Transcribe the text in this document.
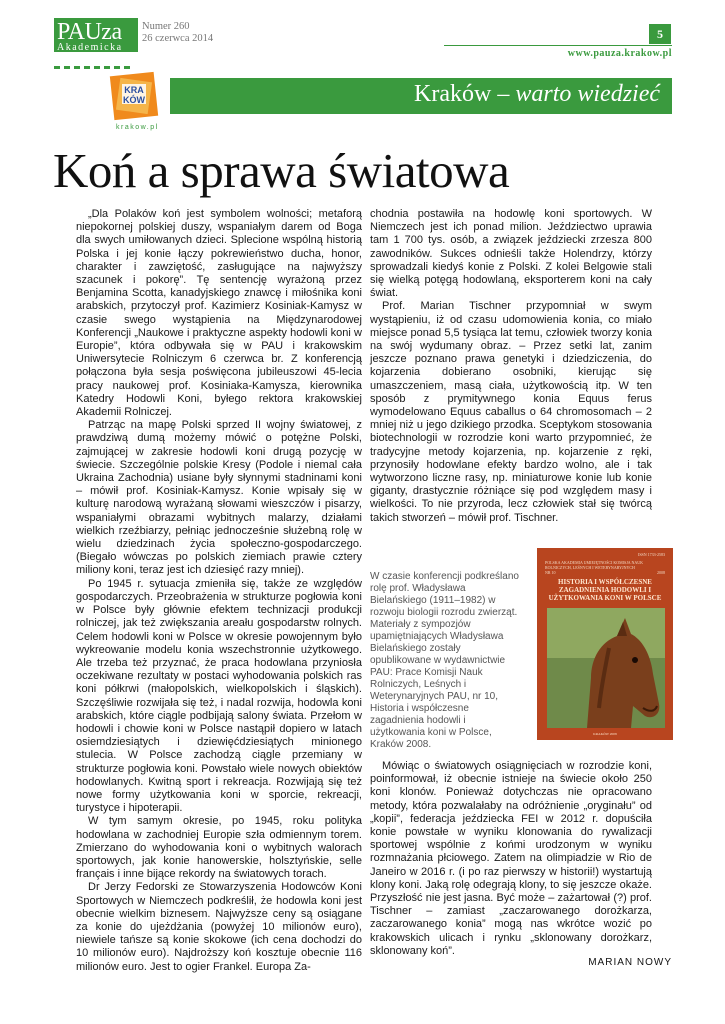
PAUza
Akademicka
Numer 260
26 czerwca 2014	5
www.pauza.krakow.pl
KRA
KÓW
krakow.pl
Kraków – warto wiedzieć
Koń a sprawa światowa

„Dla Polaków koń jest symbolem wolności; metaforą niepokornej polskiej duszy, wspaniałym darem od Boga dla swych umiłowanych dzieci. Splecione wspólną historią Polska i jej konie łączy pokrewieństwo ducha, honor, charakter i zawziętość, zasługujące na najwyższy szacunek i pokorę”. Tę sentencję wyrażoną przez Benjamina Scotta, kanadyjskiego znawcę i miłośnika koni arabskich, przytoczył prof. Kazimierz Kosiniak-Kamysz w czasie swego wystąpienia na Międzynarodowej Konferencji „Naukowe i praktyczne aspekty hodowli koni w Europie”, która odbywała się w PAU i krakowskim Uniwersytecie Rolniczym 6 czerwca br. Z konferencją połączona była sesja poświęcona jubileuszowi 45-lecia pracy naukowej prof. Kosiniaka-Kamysza, kierownika Katedry Hodowli Koni, byłego rektora krakowskiej Akademii Rolniczej.

Patrząc na mapę Polski sprzed II wojny światowej, z prawdziwą dumą możemy mówić o potężne Polski, zajmującej w zakresie hodowli koni drugą pozycję w świecie. Szczególnie polskie Kresy (Podole i niemal cała Ukraina Zachodnia) usiane były słynnymi stadninami koni – mówił prof. Kosiniak-Kamysz. Konie wpisały się w kulturę narodową wyrażaną słowami wieszczów i pisarzy, wspaniałymi obrazami wybitnych malarzy, działami wielkich rzeźbiarzy, pełniąc jednocześnie służebną rolę w wielu dziedzinach życia społeczno-gospodarczego. (Biegało wówczas po polskich ziemiach prawie cztery miliony koni, teraz jest ich dziesięć razy mniej).

Po 1945 r. sytuacja zmieniła się, także ze względów gospodarczych. Przeobrażenia w strukturze pogłowia koni w Polsce były głównie efektem technizacji produkcji rolniczej, jak też zwiększania areału gospodarstw rolnych. Celem hodowli koni w Polsce w okresie powojennym było wykreowanie modelu konia wszechstronnie użytkowego. Ale trzeba też przyznać, że praca hodowlana przyniosła oczekiwane rezultaty w postaci wyhodowania polskich ras koni półkrwi (małopolskich, wielkopolskich i śląskich). Szczęśliwie rozwijała się też, i nadal rozwija, hodowla koni arabskich, które ciągle podbijają salony świata. Przełom w hodowli i chowie koni w Polsce nastąpił dopiero w latach osiemdziesiątych i dziewięćdziesiątych minionego stulecia. W Polsce zachodzą ciągle przemiany w strukturze pogłowia koni. Powstało wiele nowych obiektów hodowlanych. Kwitną sport i rekreacja. Rozwijają się też nowe formy użytkowania koni w sporcie, rekreacji, turystyce i hipoterapii.

W tym samym okresie, po 1945, roku polityka hodowlana w zachodniej Europie szła odmiennym torem. Zmierzano do wyhodowania koni o wybitnych walorach sportowych, jak konie hanowerskie, holsztyńskie, selle français i inne bijące rekordy na światowych torach.

Dr Jerzy Fedorski ze Stowarzyszenia Hodowców Koni Sportowych w Niemczech podkreślił, że hodowla koni jest obecnie wielkim biznesem. Najwyższe ceny są osiągane za konie do ujeżdżania (powyżej 10 milionów euro), niewiele tańsze są konie skokowe (ich cena dochodzi do 10 milionów euro). Najdroższy koń kosztuje obecnie 116 milionów euro. Jest to ogier Frankel. Europa Za-

chodnia postawiła na hodowlę koni sportowych. W Niemczech jest ich ponad milion. Jeździectwo uprawia tam 1 700 tys. osób, a związek jeździecki zrzesza 800 zawodników. Sukces odnieśli także Holendrzy, którzy sprowadzali kiedyś konie z Polski. Z kolei Belgowie stali się wielką potęgą hodowlaną, eksporterem koni na cały świat.

Prof. Marian Tischner przypomniał w swym wystąpieniu, iż od czasu udomowienia konia, co miało miejsce ponad 5,5 tysiąca lat temu, człowiek tworzy konia na swój wydumany obraz. – Przez setki lat, zanim jeszcze poznano prawa genetyki i dziedziczenia, do kojarzenia dobierano osobniki, kierując się umaszczeniem, masą ciała, użytkowością itp. W ten sposób z prymitywnego konia Equus ferus wymodelowano Equus caballus o 64 chromosomach – 2 mniej niż u jego dzikiego przodka. Sceptykom stosowania biotechnologii w rozrodzie koni warto przypomnieć, że tradycyjne metody kojarzenia, np. kojarzenie z ręki, przynosiły hodowlane efekty bardzo wolno, ale i tak wytworzono liczne rasy, np. miniaturowe konie lub konie giganty, drastycznie różniące się pod względem masy i wielkości. To nie przyroda, lecz człowiek stał się twórcą takich stworzeń – mówił prof. Tischner.

W czasie konferencji podkreślano rolę prof. Władysława Bielańskiego (1911–1982) w rozwoju biologii rozrodu zwierząt. Materiały z sympozjów upamiętniających Władysława Bielańskiego zostały opublikowane w wydawnictwie PAU: Prace Komisji Nauk Rolniczych, Leśnych i Weterynaryjnych PAU, nr 10, Historia i współczesne zagadnienia hodowli i użytkowania koni w Polsce, Kraków 2008.
ISSN 1733-2583
POLSKA AKADEMIA UMIEJĘTNOŚCI KOMISJA NAUK ROLNICZYCH, LEŚNYCH I WETERYNARYJNYCH
NR 10	2008
HISTORIA I WSPÓŁCZESNE ZAGADNIENIA HODOWLI I UŻYTKOWANIA KONI W POLSCE
KRAKÓW 2008

Mówiąc o światowych osiągnięciach w rozrodzie koni, poinformował, iż obecnie istnieje na świecie około 250 koni klonów. Ponieważ dotychczas nie opracowano metody, która pozwalałaby na odróżnienie „oryginału” od „kopii”, federacja jeździecka FEI w 2012 r. dopuściła konie powstałe w wyniku klonowania do rywalizacji sportowej wspólnie z końmi urodzonym w wyniku rozmnażania płciowego. Zatem na olimpiadzie w Rio de Janeiro w 2016 r. (i po raz pierwszy w historii!) wystartują klony koni. Jaką rolę odegrają klony, to się jeszcze okaże. Przyszłość nie jest jasna. Być może – zażartował (?) prof. Tischner – zamiast „zaczarowanego dorożkarza, zaczarowanego konia” mogą nas wkrótce wozić po krakowskich ulicach i rynku „sklonowany dorożkarz, sklonowany koń”.

MARIAN NOWY
